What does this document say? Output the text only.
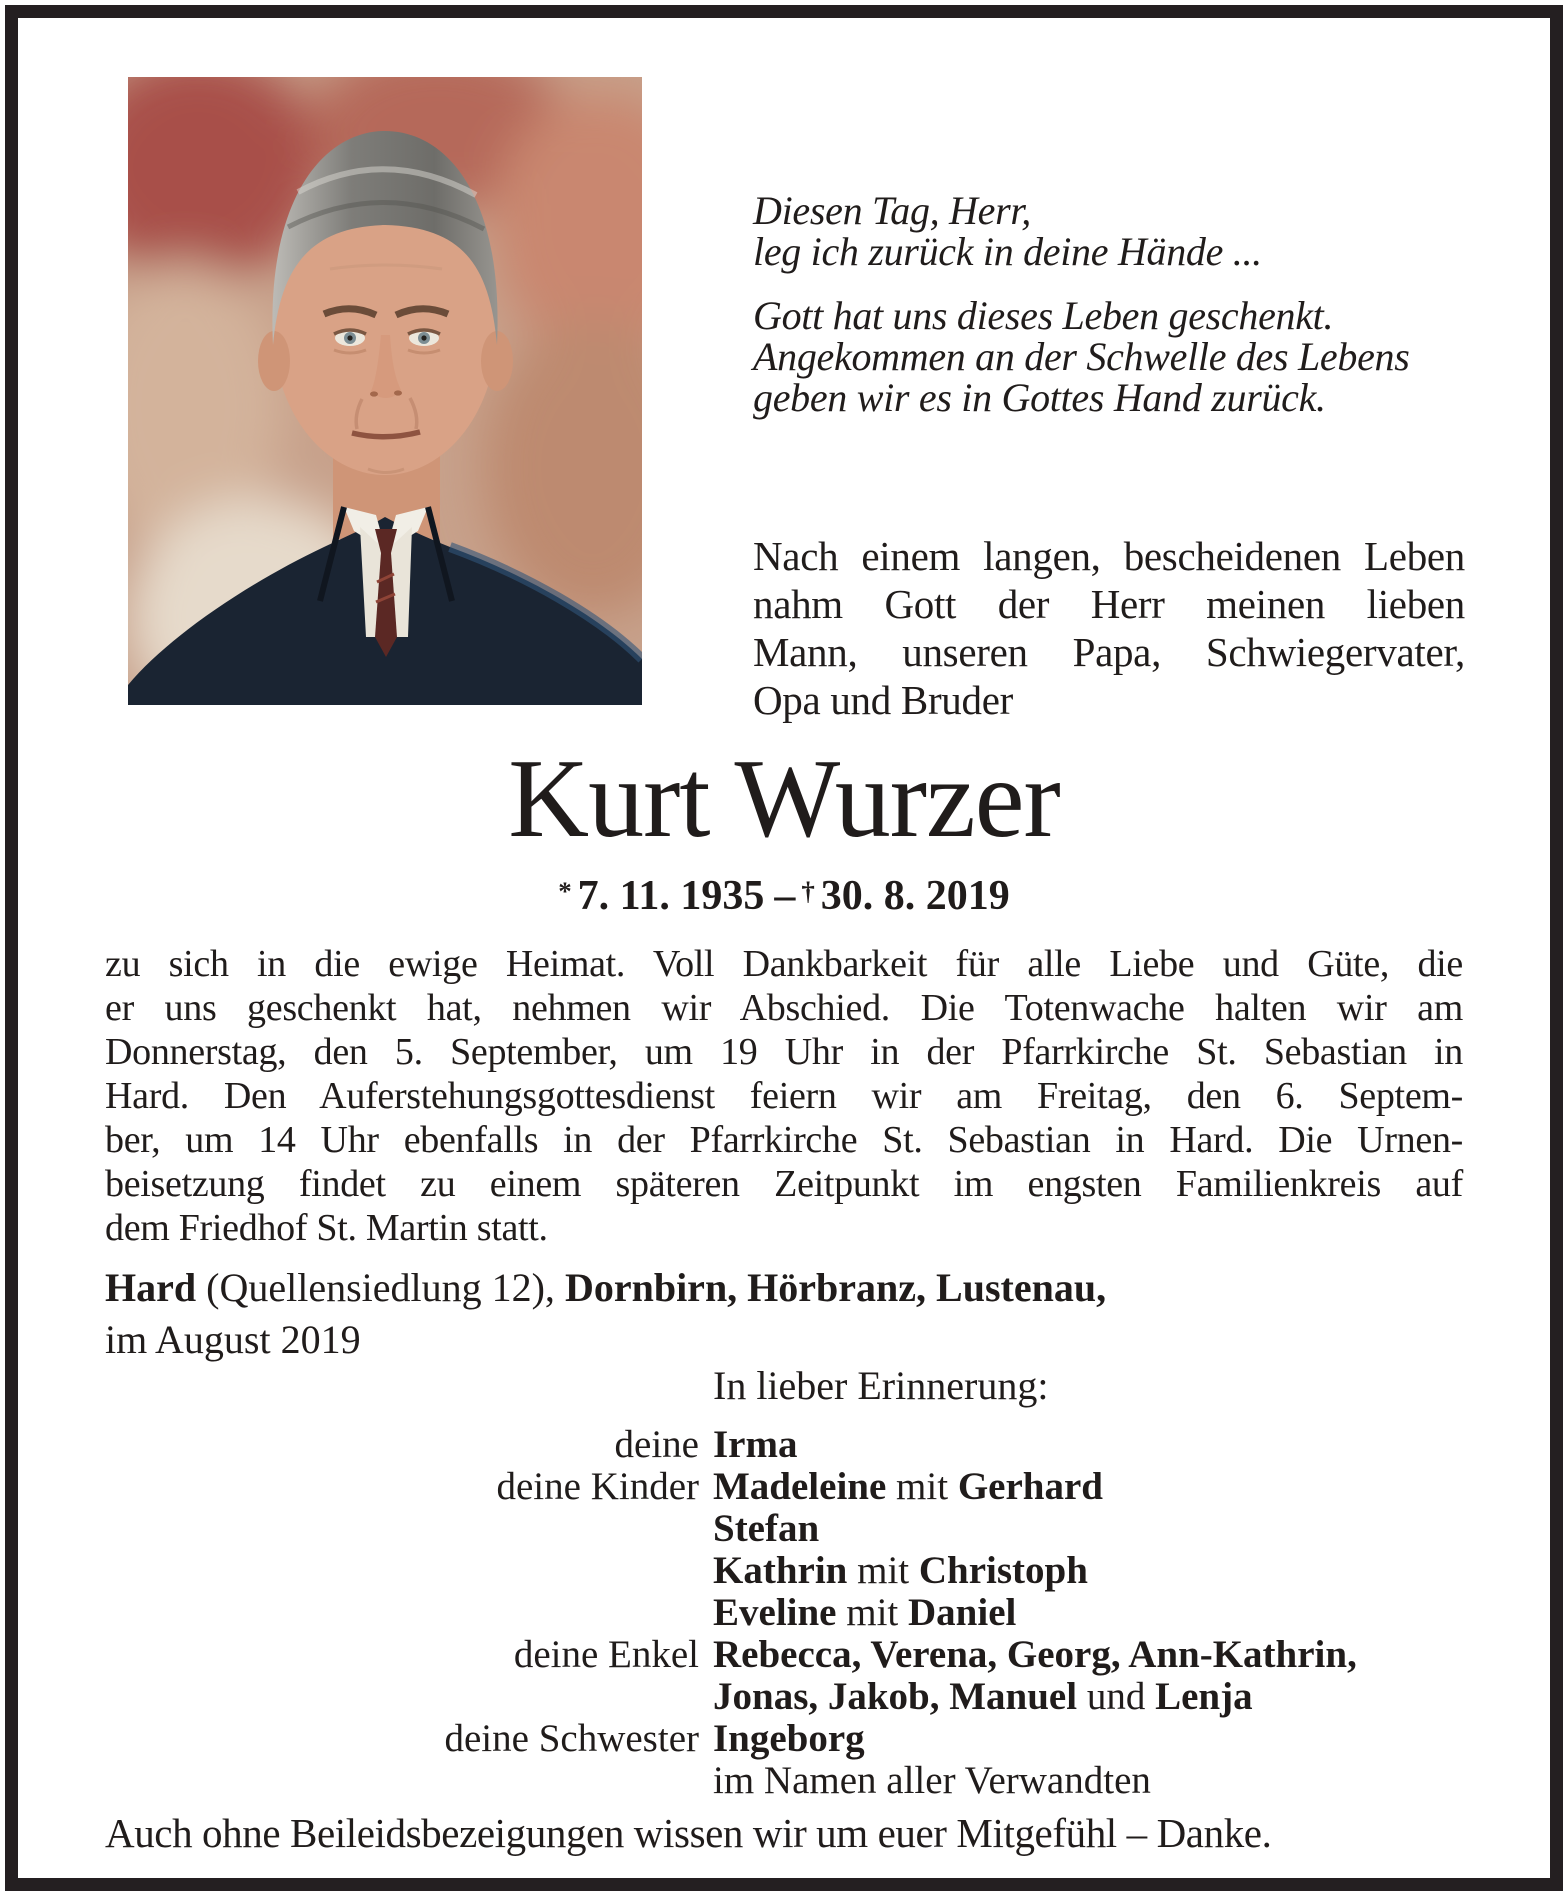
Diesen Tag, Herr,
leg ich zurück in deine Hände ...
Gott hat uns dieses Leben geschenkt.
Angekommen an der Schwelle des Lebens
geben wir es in Gottes Hand zurück.
Nach einem langen, bescheidenen Leben
nahm Gott der Herr meinen lieben
Mann, unseren Papa, Schwiegervater,
Opa und Bruder
Kurt Wurzer
* 7. 11. 1935 – † 30. 8. 2019
zu sich in die ewige Heimat. Voll Dankbarkeit für alle Liebe und Güte, die
er uns geschenkt hat, nehmen wir Abschied. Die Totenwache halten wir am
Donnerstag, den 5. September, um 19 Uhr in der Pfarrkirche St. Sebastian in
Hard. Den Auferstehungsgottesdienst feiern wir am Freitag, den 6. Septem-
ber, um 14 Uhr ebenfalls in der Pfarrkirche St. Sebastian in Hard. Die Urnen-
beisetzung findet zu einem späteren Zeitpunkt im engsten Familienkreis auf
dem Friedhof St. Martin statt.
Hard (Quellensiedlung 12), Dornbirn, Hörbranz, Lustenau,
im August 2019
In lieber Erinnerung:
deine Irma
deine Kinder Madeleine mit Gerhard
Stefan
Kathrin mit Christoph
Eveline mit Daniel
deine Enkel Rebecca, Verena, Georg, Ann-Kathrin,
Jonas, Jakob, Manuel und Lenja
deine Schwester Ingeborg
im Namen aller Verwandten
Auch ohne Beileidsbezeigungen wissen wir um euer Mitgefühl – Danke.
